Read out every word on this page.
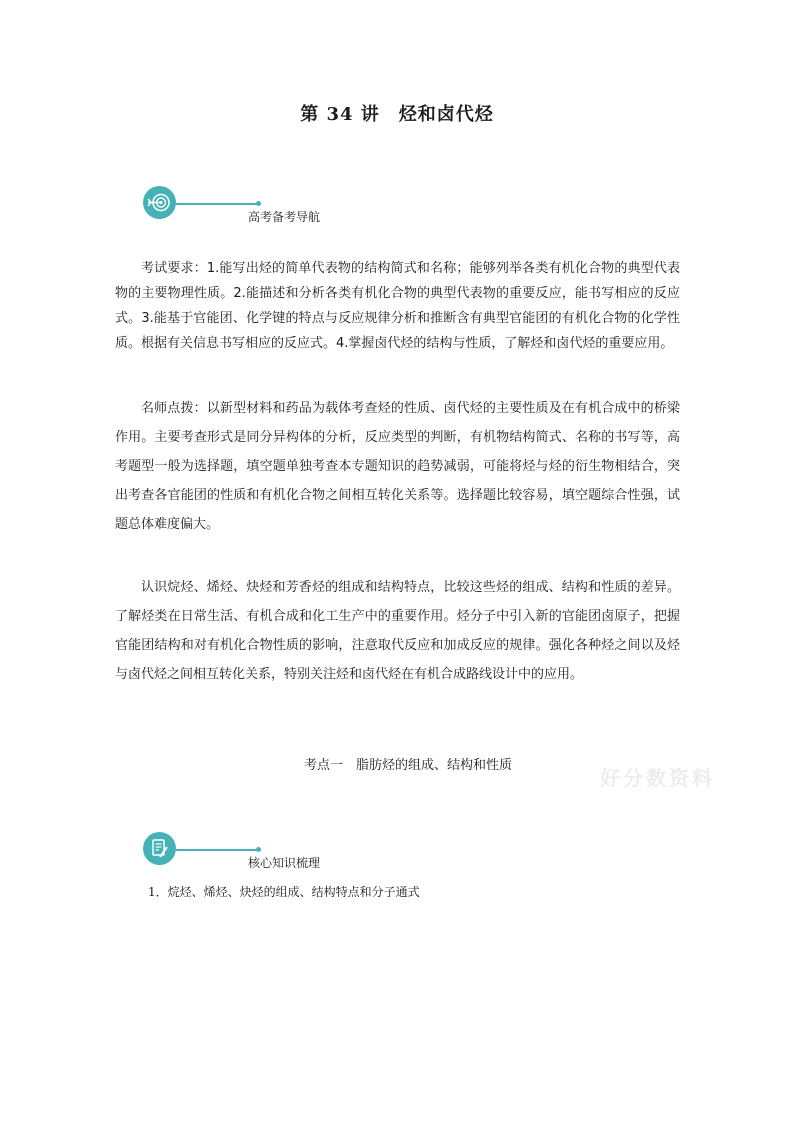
第 34 讲　烃和卤代烃
高考备考导航

考试要求：1.能写出烃的简单代表物的结构简式和名称；能够列举各类有机化合物的典型代表物的主要物理性质。2.能描述和分析各类有机化合物的典型代表物的重要反应，能书写相应的反应式。3.能基于官能团、化学键的特点与反应规律分析和推断含有典型官能团的有机化合物的化学性质。根据有关信息书写相应的反应式。4.掌握卤代烃的结构与性质，了解烃和卤代烃的重要应用。

名师点拨：以新型材料和药品为载体考查烃的性质、卤代烃的主要性质及在有机合成中的桥梁作用。主要考查形式是同分异构体的分析，反应类型的判断，有机物结构简式、名称的书写等，高考题型一般为选择题，填空题单独考查本专题知识的趋势减弱，可能将烃与烃的衍生物相结合，突出考查各官能团的性质和有机化合物之间相互转化关系等。选择题比较容易，填空题综合性强，试题总体难度偏大。

认识烷烃、烯烃、炔烃和芳香烃的组成和结构特点，比较这些烃的组成、结构和性质的差异。了解烃类在日常生活、有机合成和化工生产中的重要作用。烃分子中引入新的官能团卤原子，把握官能团结构和对有机化合物性质的影响，注意取代反应和加成反应的规律。强化各种烃之间以及烃与卤代烃之间相互转化关系，特别关注烃和卤代烃在有机合成路线设计中的应用。

考点一　脂肪烃的组成、结构和性质
好分数资料
核心知识梳理
1．烷烃、烯烃、炔烃的组成、结构特点和分子通式
